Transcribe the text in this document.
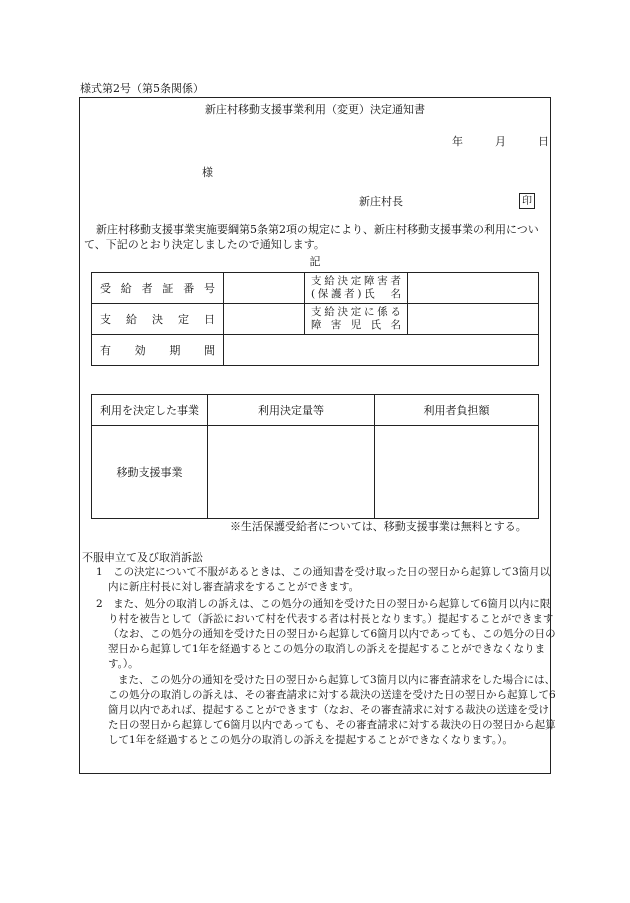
様式第2号（第5条関係）
新庄村移動支援事業利用（変更）決定通知書
年	月	日
様
新庄村長	印
新庄村移動支援事業実施要綱第5条第2項の規定により、新庄村移動支援事業の利用について、下記のとおり決定しましたので通知します。
記
受給者証番号		支給決定障害者
(保護者)氏　名	

支給決定日		支給決定に係る
障害児氏名	

有効期間			
利用を決定した事業	利用決定量等	利用者負担額
移動支援事業		
※生活保護受給者については、移動支援事業は無料とする。
不服申立て及び取消訴訟
1　この決定について不服があるときは、この通知書を受け取った日の翌日から起算して3箇月以内に新庄村長に対し審査請求をすることができます。
2　また、処分の取消しの訴えは、この処分の通知を受けた日の翌日から起算して6箇月以内に限り村を被告として（訴訟において村を代表する者は村長となります。）提起することができます（なお、この処分の通知を受けた日の翌日から起算して6箇月以内であっても、この処分の日の翌日から起算して1年を経過するとこの処分の取消しの訴えを提起することができなくなります。）。
また、この処分の通知を受けた日の翌日から起算して3箇月以内に審査請求をした場合には、この処分の取消しの訴えは、その審査請求に対する裁決の送達を受けた日の翌日から起算して6箇月以内であれば、提起することができます（なお、その審査請求に対する裁決の送達を受けた日の翌日から起算して6箇月以内であっても、その審査請求に対する裁決の日の翌日から起算して1年を経過するとこの処分の取消しの訴えを提起することができなくなります。）。
